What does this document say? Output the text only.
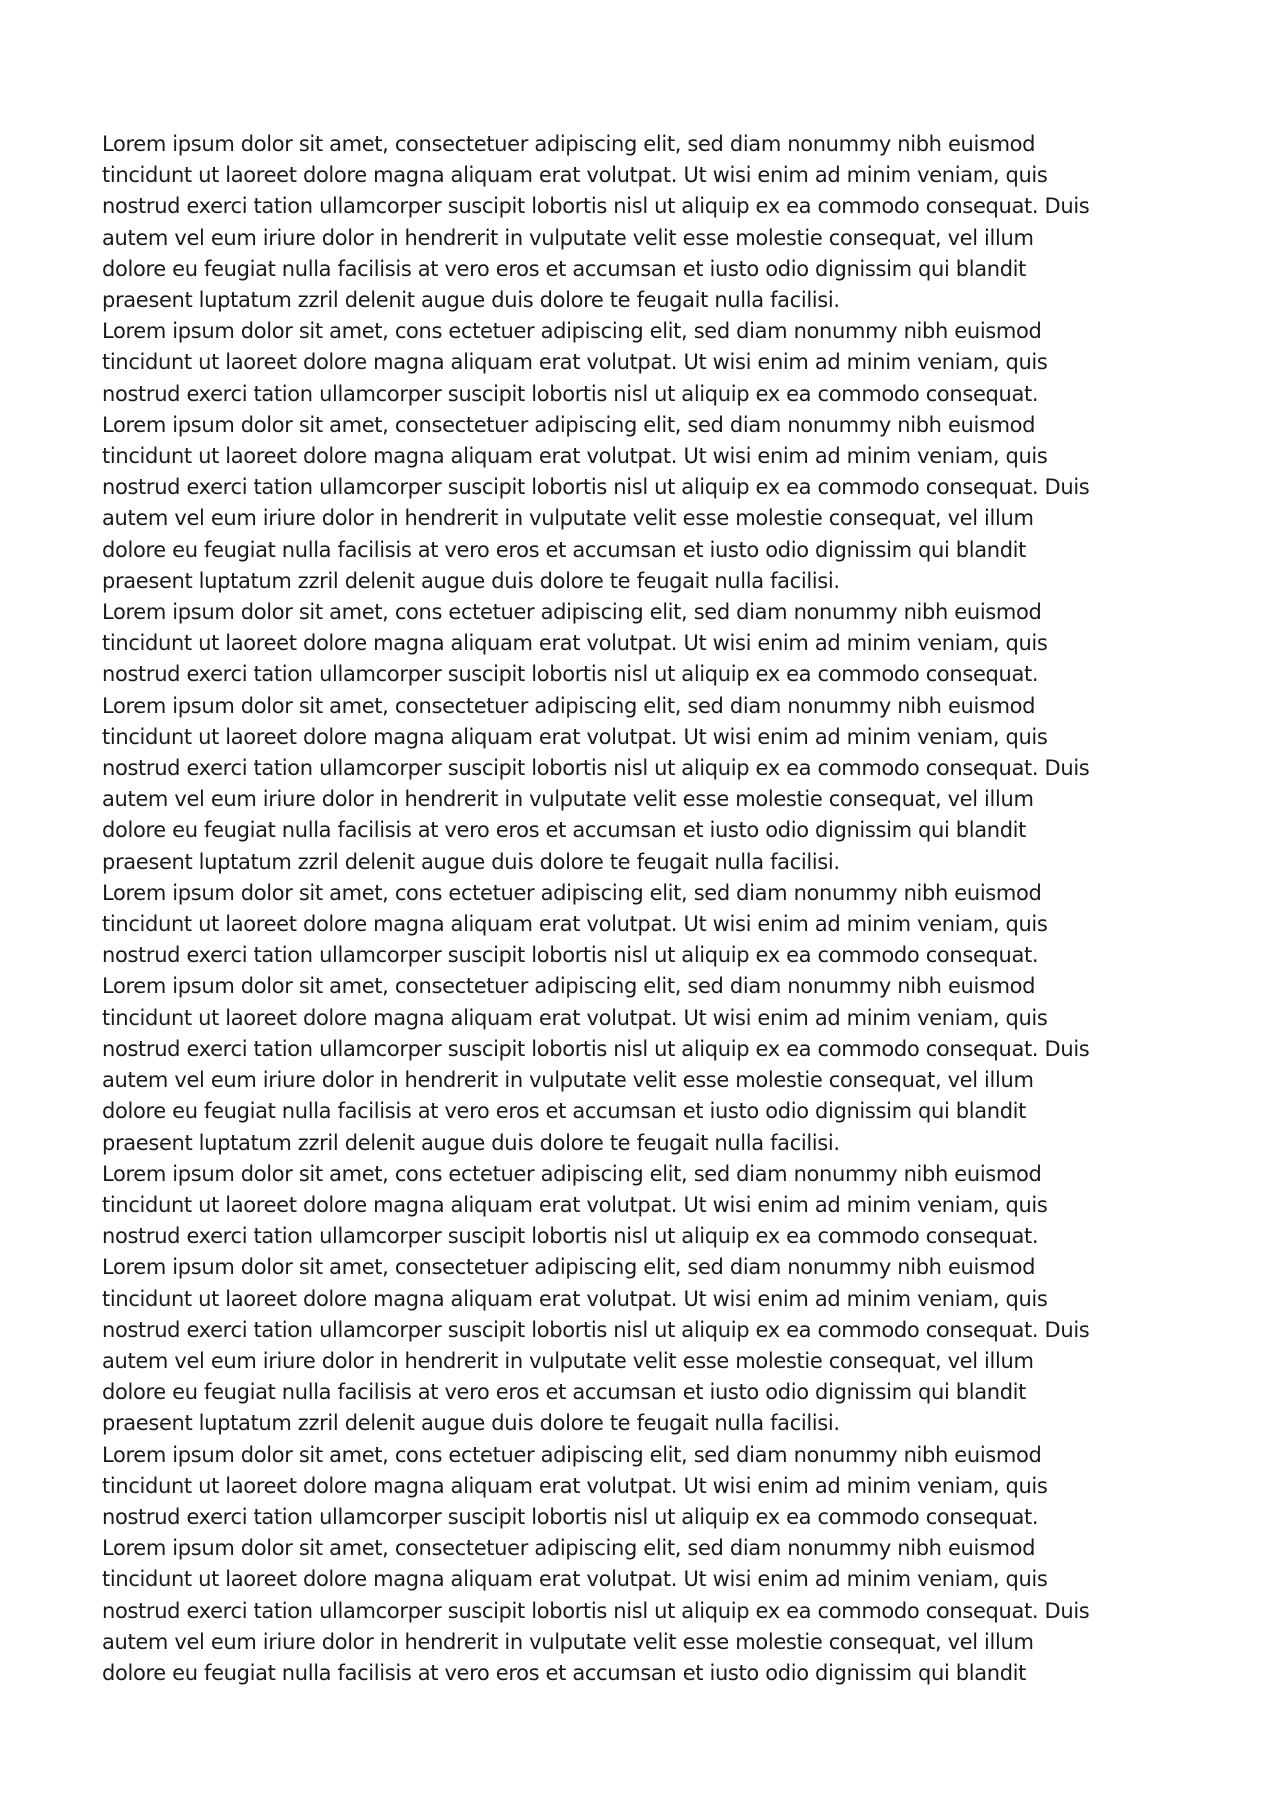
Lorem ipsum dolor sit amet, consectetuer adipiscing elit, sed diam nonummy nibh euismod
tincidunt ut laoreet dolore magna aliquam erat volutpat. Ut wisi enim ad minim veniam, quis
nostrud exerci tation ullamcorper suscipit lobortis nisl ut aliquip ex ea commodo consequat. Duis
autem vel eum iriure dolor in hendrerit in vulputate velit esse molestie consequat, vel illum
dolore eu feugiat nulla facilisis at vero eros et accumsan et iusto odio dignissim qui blandit
praesent luptatum zzril delenit augue duis dolore te feugait nulla facilisi.
Lorem ipsum dolor sit amet, cons ectetuer adipiscing elit, sed diam nonummy nibh euismod
tincidunt ut laoreet dolore magna aliquam erat volutpat. Ut wisi enim ad minim veniam, quis
nostrud exerci tation ullamcorper suscipit lobortis nisl ut aliquip ex ea commodo consequat.
Lorem ipsum dolor sit amet, consectetuer adipiscing elit, sed diam nonummy nibh euismod
tincidunt ut laoreet dolore magna aliquam erat volutpat. Ut wisi enim ad minim veniam, quis
nostrud exerci tation ullamcorper suscipit lobortis nisl ut aliquip ex ea commodo consequat. Duis
autem vel eum iriure dolor in hendrerit in vulputate velit esse molestie consequat, vel illum
dolore eu feugiat nulla facilisis at vero eros et accumsan et iusto odio dignissim qui blandit
praesent luptatum zzril delenit augue duis dolore te feugait nulla facilisi.
Lorem ipsum dolor sit amet, cons ectetuer adipiscing elit, sed diam nonummy nibh euismod
tincidunt ut laoreet dolore magna aliquam erat volutpat. Ut wisi enim ad minim veniam, quis
nostrud exerci tation ullamcorper suscipit lobortis nisl ut aliquip ex ea commodo consequat.
Lorem ipsum dolor sit amet, consectetuer adipiscing elit, sed diam nonummy nibh euismod
tincidunt ut laoreet dolore magna aliquam erat volutpat. Ut wisi enim ad minim veniam, quis
nostrud exerci tation ullamcorper suscipit lobortis nisl ut aliquip ex ea commodo consequat. Duis
autem vel eum iriure dolor in hendrerit in vulputate velit esse molestie consequat, vel illum
dolore eu feugiat nulla facilisis at vero eros et accumsan et iusto odio dignissim qui blandit
praesent luptatum zzril delenit augue duis dolore te feugait nulla facilisi.
Lorem ipsum dolor sit amet, cons ectetuer adipiscing elit, sed diam nonummy nibh euismod
tincidunt ut laoreet dolore magna aliquam erat volutpat. Ut wisi enim ad minim veniam, quis
nostrud exerci tation ullamcorper suscipit lobortis nisl ut aliquip ex ea commodo consequat.
Lorem ipsum dolor sit amet, consectetuer adipiscing elit, sed diam nonummy nibh euismod
tincidunt ut laoreet dolore magna aliquam erat volutpat. Ut wisi enim ad minim veniam, quis
nostrud exerci tation ullamcorper suscipit lobortis nisl ut aliquip ex ea commodo consequat. Duis
autem vel eum iriure dolor in hendrerit in vulputate velit esse molestie consequat, vel illum
dolore eu feugiat nulla facilisis at vero eros et accumsan et iusto odio dignissim qui blandit
praesent luptatum zzril delenit augue duis dolore te feugait nulla facilisi.
Lorem ipsum dolor sit amet, cons ectetuer adipiscing elit, sed diam nonummy nibh euismod
tincidunt ut laoreet dolore magna aliquam erat volutpat. Ut wisi enim ad minim veniam, quis
nostrud exerci tation ullamcorper suscipit lobortis nisl ut aliquip ex ea commodo consequat.
Lorem ipsum dolor sit amet, consectetuer adipiscing elit, sed diam nonummy nibh euismod
tincidunt ut laoreet dolore magna aliquam erat volutpat. Ut wisi enim ad minim veniam, quis
nostrud exerci tation ullamcorper suscipit lobortis nisl ut aliquip ex ea commodo consequat. Duis
autem vel eum iriure dolor in hendrerit in vulputate velit esse molestie consequat, vel illum
dolore eu feugiat nulla facilisis at vero eros et accumsan et iusto odio dignissim qui blandit
praesent luptatum zzril delenit augue duis dolore te feugait nulla facilisi.
Lorem ipsum dolor sit amet, cons ectetuer adipiscing elit, sed diam nonummy nibh euismod
tincidunt ut laoreet dolore magna aliquam erat volutpat. Ut wisi enim ad minim veniam, quis
nostrud exerci tation ullamcorper suscipit lobortis nisl ut aliquip ex ea commodo consequat.
Lorem ipsum dolor sit amet, consectetuer adipiscing elit, sed diam nonummy nibh euismod
tincidunt ut laoreet dolore magna aliquam erat volutpat. Ut wisi enim ad minim veniam, quis
nostrud exerci tation ullamcorper suscipit lobortis nisl ut aliquip ex ea commodo consequat. Duis
autem vel eum iriure dolor in hendrerit in vulputate velit esse molestie consequat, vel illum
dolore eu feugiat nulla facilisis at vero eros et accumsan et iusto odio dignissim qui blandit
